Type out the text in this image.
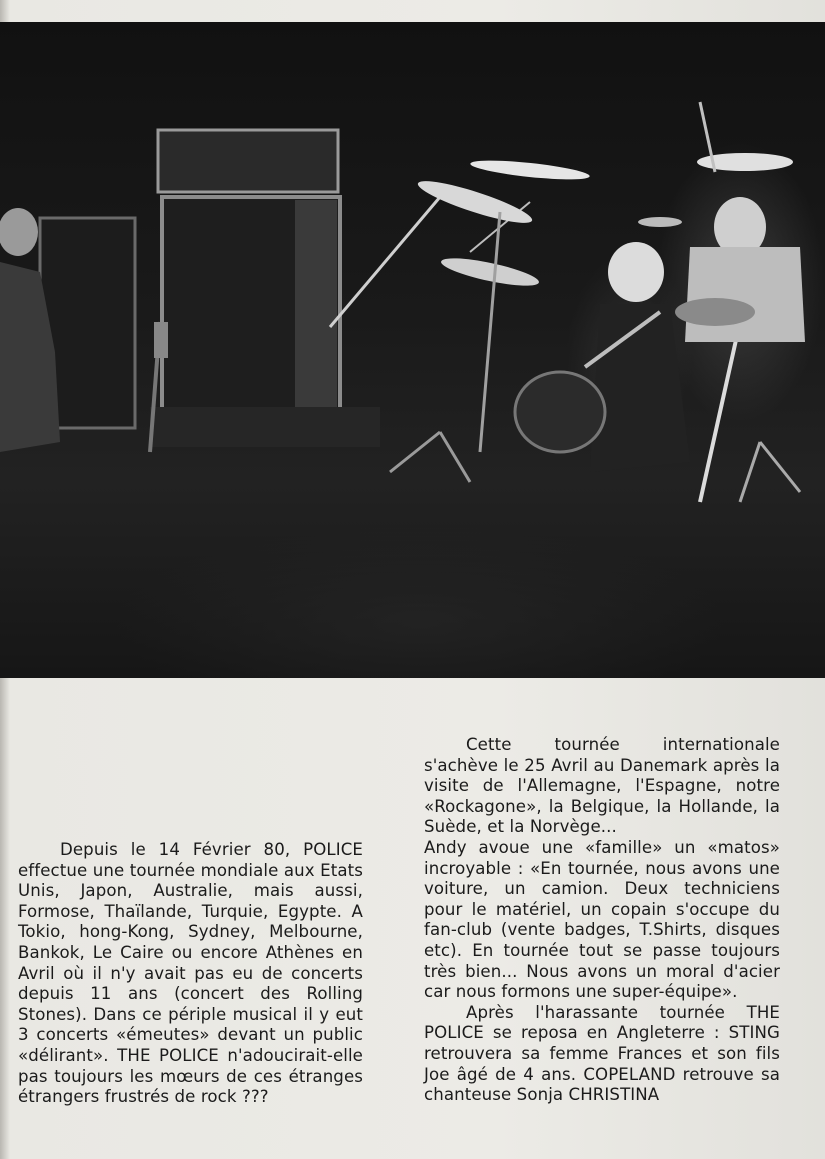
Depuis le 14 Février 80, POLICE effectue une tournée mondiale aux Etats Unis, Japon, Australie, mais aussi, Formose, Thaïlande, Turquie, Egypte. A Tokio, hong-Kong, Sydney, Melbourne, Bankok, Le Caire ou encore Athènes en Avril où il n'y avait pas eu de concerts depuis 11 ans (concert des Rolling Stones). Dans ce périple musical il y eut 3 concerts «émeutes» devant un public «délirant». THE POLICE n'adoucirait-elle pas toujours les mœurs de ces étranges étrangers frustrés de rock ???

Cette tournée internationale s'achève le 25 Avril au Danemark après la visite de l'Allemagne, l'Espagne, notre «Rockagone», la Belgique, la Hollande, la Suède, et la Norvège...

Andy avoue une «famille» un «matos» incroyable : «En tournée, nous avons une voiture, un camion. Deux techniciens pour le matériel, un copain s'occupe du fan-club (vente badges, T.Shirts, disques etc). En tournée tout se passe toujours très bien... Nous avons un moral d'acier car nous formons une super-équipe».

Après l'harassante tournée THE POLICE se reposa en Angleterre : STING retrouvera sa femme Frances et son fils Joe âgé de 4 ans. COPELAND retrouve sa chanteuse Sonja CHRISTINA
